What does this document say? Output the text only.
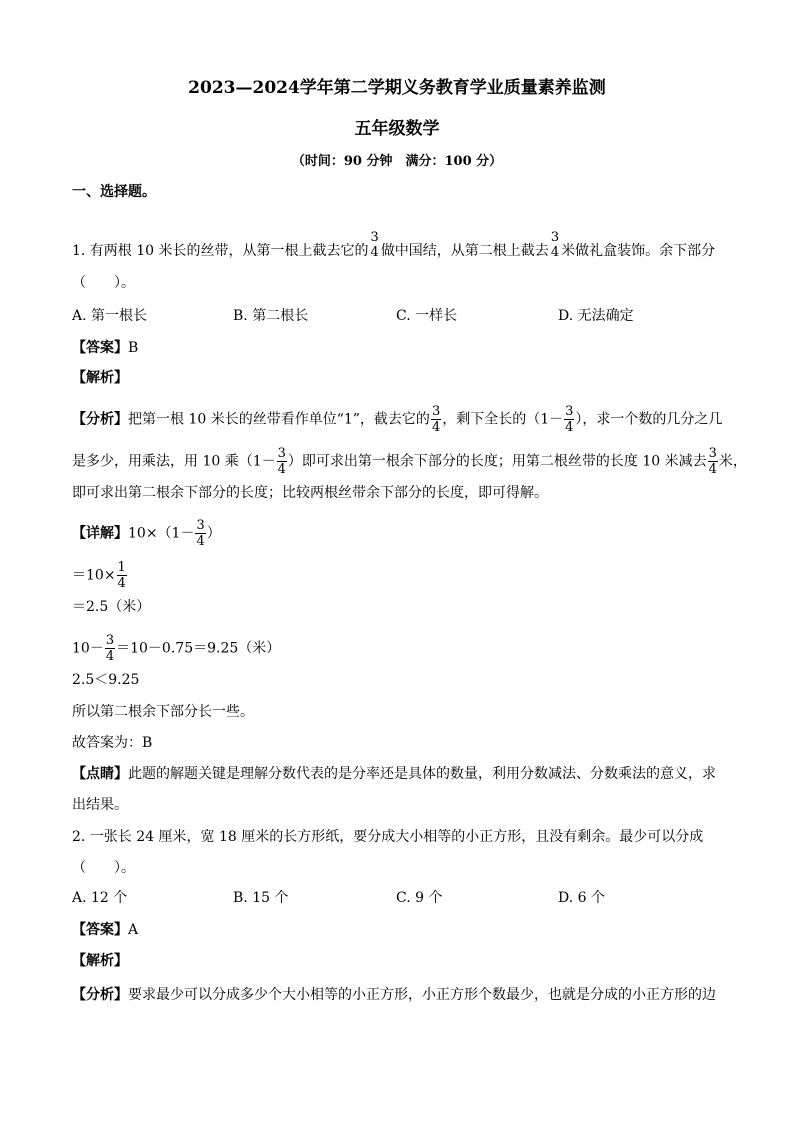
2023—2024学年第二学期义务教育学业质量素养监测
五年级数学
（时间：90 分钟　满分：100 分）
一、选择题。
1. 有两根 10 米长的丝带，从第一根上截去它的
3
4 做中国结，从第二根上截去
3
4 米做礼盒装饰。余下部分
（　　）。
A. 第一根长	B. 第二根长	C. 一样长	D. 无法确定
【答案】B
【解析】
【分析】把第一根 10 米长的丝带看作单位“1”，截去它的 $\frac{3}{4}$ ，剩下全长的（$1- \frac{3}{4}$ ），求一个数的几分之几
是多少，用乘法，用 10 乘（$1- \frac{3}{4}$ ）即可求出第一根余下部分的长度；用第二根丝带的长度 10 米减去 $\frac{3}{4}$ 米，
即可求出第二根余下部分的长度；比较两根丝带余下部分的长度，即可得解。
【详解】$10\times(1- \frac{3}{4}$ ）
$=10\times \frac{1}{4}$
＝2.5（米）
$10- \frac{3}{4} =10-0.75=9.25$（米）
2.5＜9.25
所以第二根余下部分长一些。
故答案为：B
【点睛】此题的解题关键是理解分数代表的是分率还是具体的数量，利用分数减法、分数乘法的意义，求
出结果。
2. 一张长 24 厘米，宽 18 厘米的长方形纸，要分成大小相等的小正方形，且没有剩余。最少可以分成
（　　）。
A. 12 个	B. 15 个	C. 9 个	D. 6 个
【答案】A
【解析】
【分析】要求最少可以分成多少个大小相等的小正方形，小正方形个数最少，也就是分成的小正方形的边
